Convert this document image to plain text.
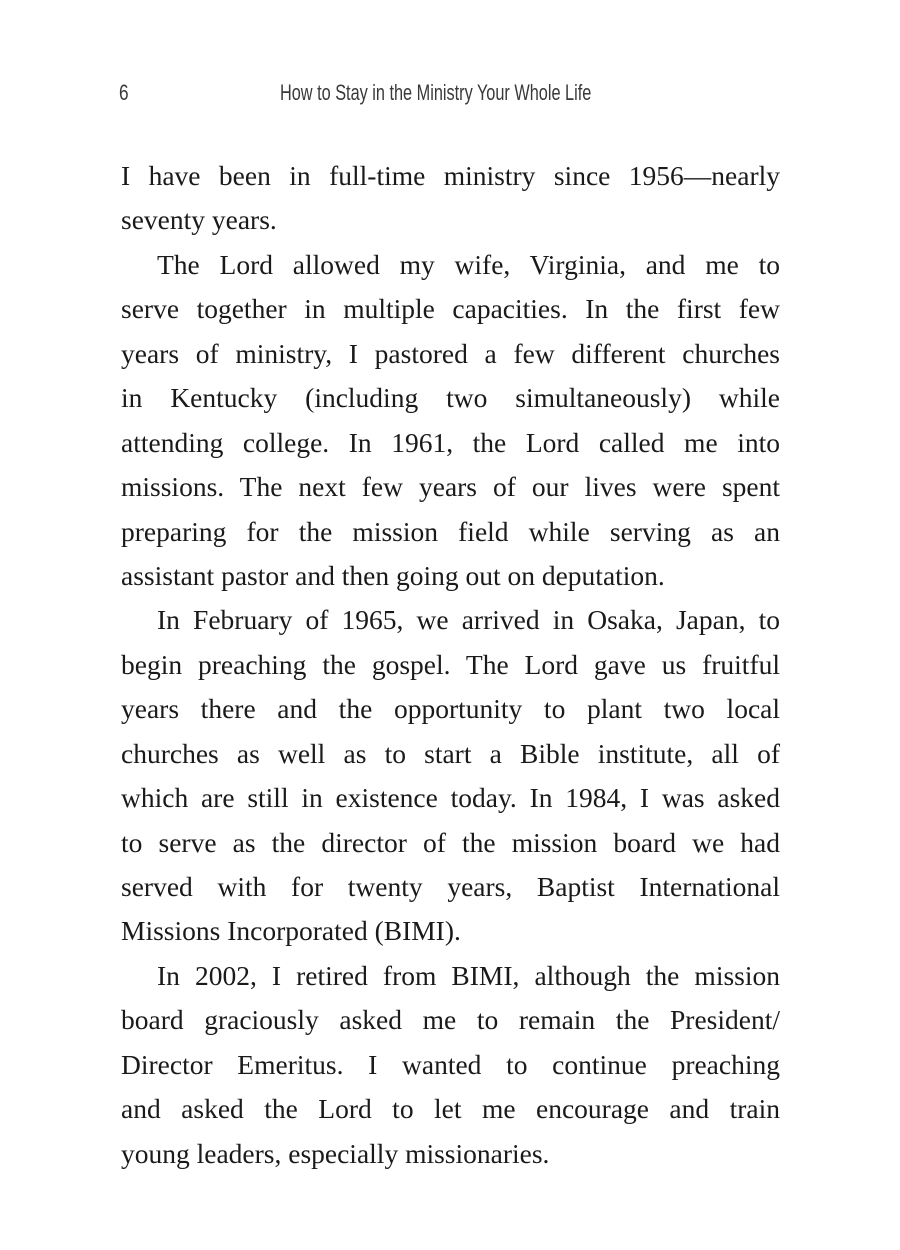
6	How to Stay in the Ministry Your Whole Life
I have been in full-time ministry since 1956—nearly
seventy years.
The Lord allowed my wife, Virginia, and me to
serve together in multiple capacities. In the first few
years of ministry, I pastored a few different churches
in Kentucky (including two simultaneously) while
attending college. In 1961, the Lord called me into
missions. The next few years of our lives were spent
preparing for the mission field while serving as an
assistant pastor and then going out on deputation.
In February of 1965, we arrived in Osaka, Japan, to
begin preaching the gospel. The Lord gave us fruitful
years there and the opportunity to plant two local
churches as well as to start a Bible institute, all of
which are still in existence today. In 1984, I was asked
to serve as the director of the mission board we had
served with for twenty years, Baptist International
Missions Incorporated (BIMI).
In 2002, I retired from BIMI, although the mission
board graciously asked me to remain the President/
Director Emeritus. I wanted to continue preaching
and asked the Lord to let me encourage and train
young leaders, especially missionaries.
